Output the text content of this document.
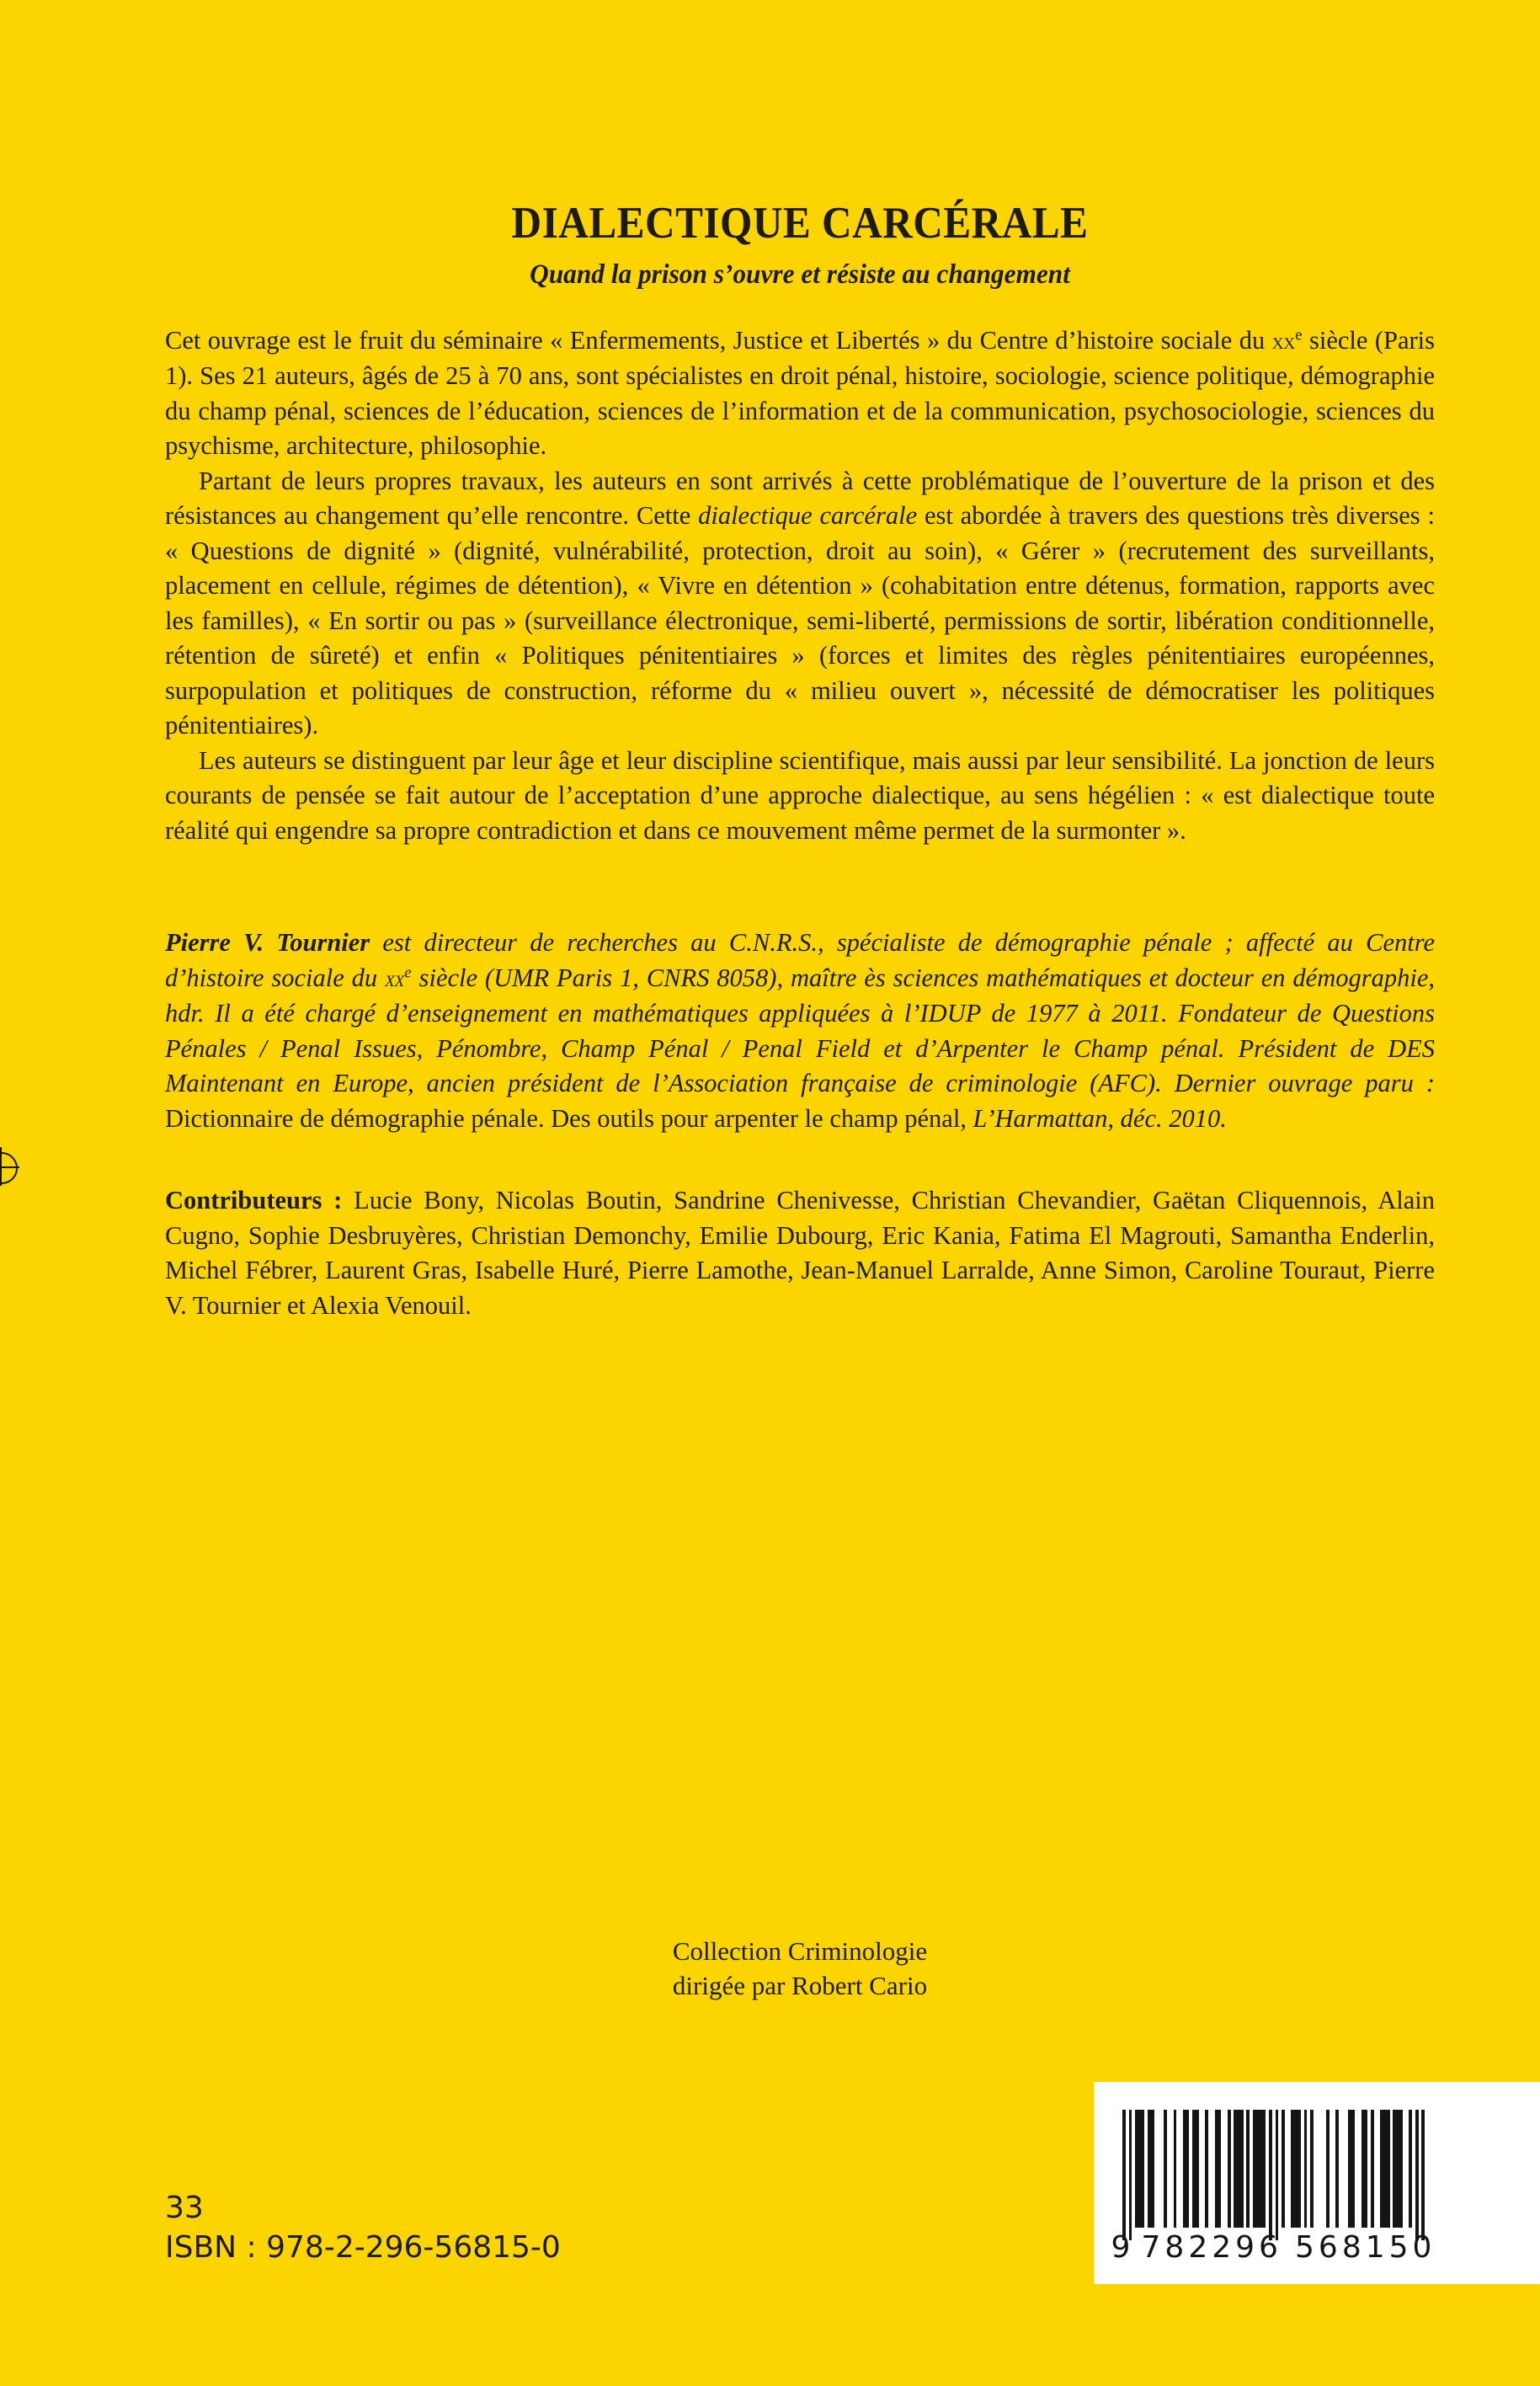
DIALECTIQUE CARCÉRALE
Quand la prison s’ouvre et résiste au changement

Cet ouvrage est le fruit du séminaire « Enfermements, Justice et Libertés » du Centre d’histoire sociale du $xx^e$ siècle (Paris 1). Ses 21 auteurs, âgés de 25 à 70 ans, sont spécialistes en droit pénal, histoire, sociologie, science politique, démographie du champ pénal, sciences de l’éducation, sciences de l’information et de la communication, psychosociologie, sciences du psychisme, architecture, philosophie.

Partant de leurs propres travaux, les auteurs en sont arrivés à cette problématique de l’ouverture de la prison et des résistances au changement qu’elle rencontre. Cette dialectique carcérale est abordée à travers des questions très diverses : « Questions de dignité » (dignité, vulnérabilité, protection, droit au soin), « Gérer » (recrutement des surveillants, placement en cellule, régimes de détention), « Vivre en détention » (cohabitation entre détenus, formation, rapports avec les familles), « En sortir ou pas » (surveillance électronique, semi-liberté, permissions de sortir, libération conditionnelle, rétention de sûreté) et enfin « Politiques pénitentiaires » (forces et limites des règles pénitentiaires européennes, surpopulation et politiques de construction, réforme du « milieu ouvert », nécessité de démocratiser les politiques pénitentiaires).

Les auteurs se distinguent par leur âge et leur discipline scientifique, mais aussi par leur sensibilité. La jonction de leurs courants de pensée se fait autour de l’acceptation d’une approche dialectique, au sens hégélien : « est dialectique toute réalité qui engendre sa propre contradiction et dans ce mouvement même permet de la surmonter ».

Pierre V. Tournier est directeur de recherches au C.N.R.S., spécialiste de démographie pénale ; affecté au Centre d’histoire sociale du $xx^e$ siècle (UMR Paris 1, CNRS 8058), maître ès sciences mathématiques et docteur en démographie, hdr. Il a été chargé d’enseignement en mathématiques appliquées à l’IDUP de 1977 à 2011. Fondateur de Questions Pénales / Penal Issues, Pénombre, Champ Pénal / Penal Field et d’Arpenter le Champ pénal. Président de DES Maintenant en Europe, ancien président de l’Association française de criminologie (AFC). Dernier ouvrage paru : Dictionnaire de démographie pénale. Des outils pour arpenter le champ pénal, L’Harmattan, déc. 2010.

Contributeurs : Lucie Bony, Nicolas Boutin, Sandrine Chenivesse, Christian Chevandier, Gaëtan Cliquennois, Alain Cugno, Sophie Desbruyères, Christian Demonchy, Emilie Dubourg, Eric Kania, Fatima El Magrouti, Samantha Enderlin, Michel Fébrer, Laurent Gras, Isabelle Huré, Pierre Lamothe, Jean-Manuel Larralde, Anne Simon, Caroline Touraut, Pierre V. Tournier et Alexia Venouil.

Collection Criminologie
dirigée par Robert Cario
9 782296 568150
33
ISBN : 978-2-296-56815-0
